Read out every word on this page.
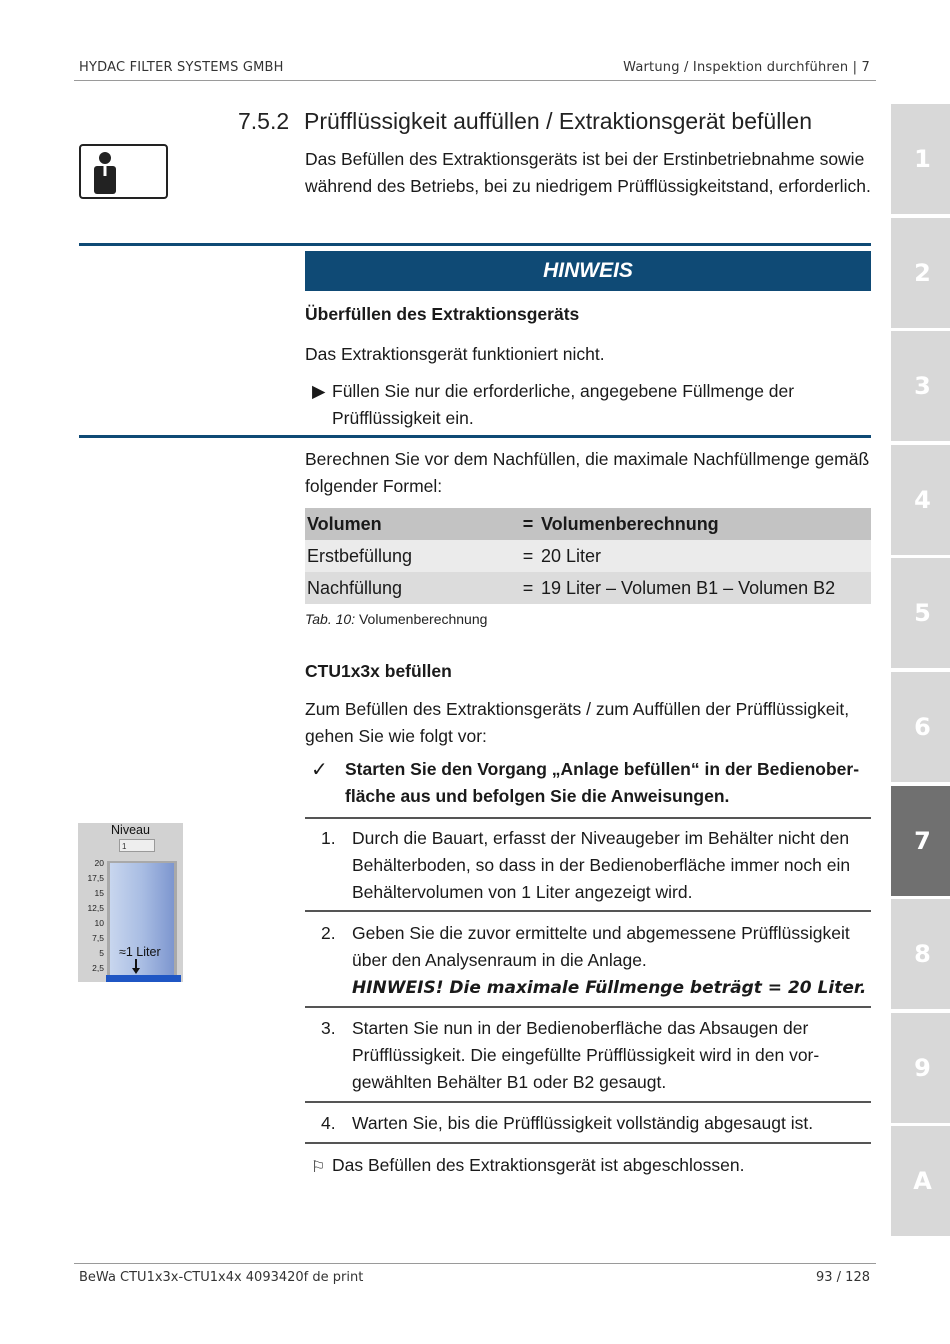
HYDAC FILTER SYSTEMS GMBH	Wartung / Inspektion durchführen | 7
1
2
3
4
5
6
7
8
9
A
7.5.2 Prüfflüssigkeit auffüllen / Extraktionsgerät befüllen
Das Befüllen des Extraktionsgeräts ist bei der Erstinbetriebnahme sowie während des Betriebs, bei zu niedrigem Prüfflüssigkeitstand, erforderlich.
HINWEIS
Überfüllen des Extraktionsgeräts
Das Extraktionsgerät funktioniert nicht.
▶ Füllen Sie nur die erforderliche, angegebene Füllmenge der Prüfflüssigkeit ein.
Berechnen Sie vor dem Nachfüllen, die maximale Nachfüllmenge gemäß folgender Formel:
Volumen	=	Volumenberechnung
Erstbefüllung	=	20 Liter
Nachfüllung	=	19 Liter – Volumen B1 – Volumen B2
Tab. 10: Volumenberechnung
CTU1x3x befüllen
Zum Befüllen des Extraktionsgeräts / zum Auffüllen der Prüfflüssigkeit, gehen Sie wie folgt vor:
✓ Starten Sie den Vorgang „Anlage befüllen“ in der Bedienoberfläche aus und befolgen Sie die Anweisungen.
Niveau
1
20
17,5
15
12,5
10
7,5
5
2,5
≈1 Liter
1. Durch die Bauart, erfasst der Niveaugeber im Behälter nicht den Behälterboden, so dass in der Bedienoberfläche immer noch ein Behältervolumen von 1 Liter angezeigt wird.
2. Geben Sie die zuvor ermittelte und abgemessene Prüfflüssigkeit über den Analysenraum in die Anlage.
HINWEIS! Die maximale Füllmenge beträgt = 20 Liter.
3. Starten Sie nun in der Bedienoberfläche das Absaugen der Prüfflüssigkeit. Die eingefüllte Prüfflüssigkeit wird in den vorgewählten Behälter B1 oder B2 gesaugt.
4. Warten Sie, bis die Prüfflüssigkeit vollständig abgesaugt ist.
⚐ Das Befüllen des Extraktionsgerät ist abgeschlossen.
BeWa CTU1x3x-CTU1x4x 4093420f de print	93 / 128
